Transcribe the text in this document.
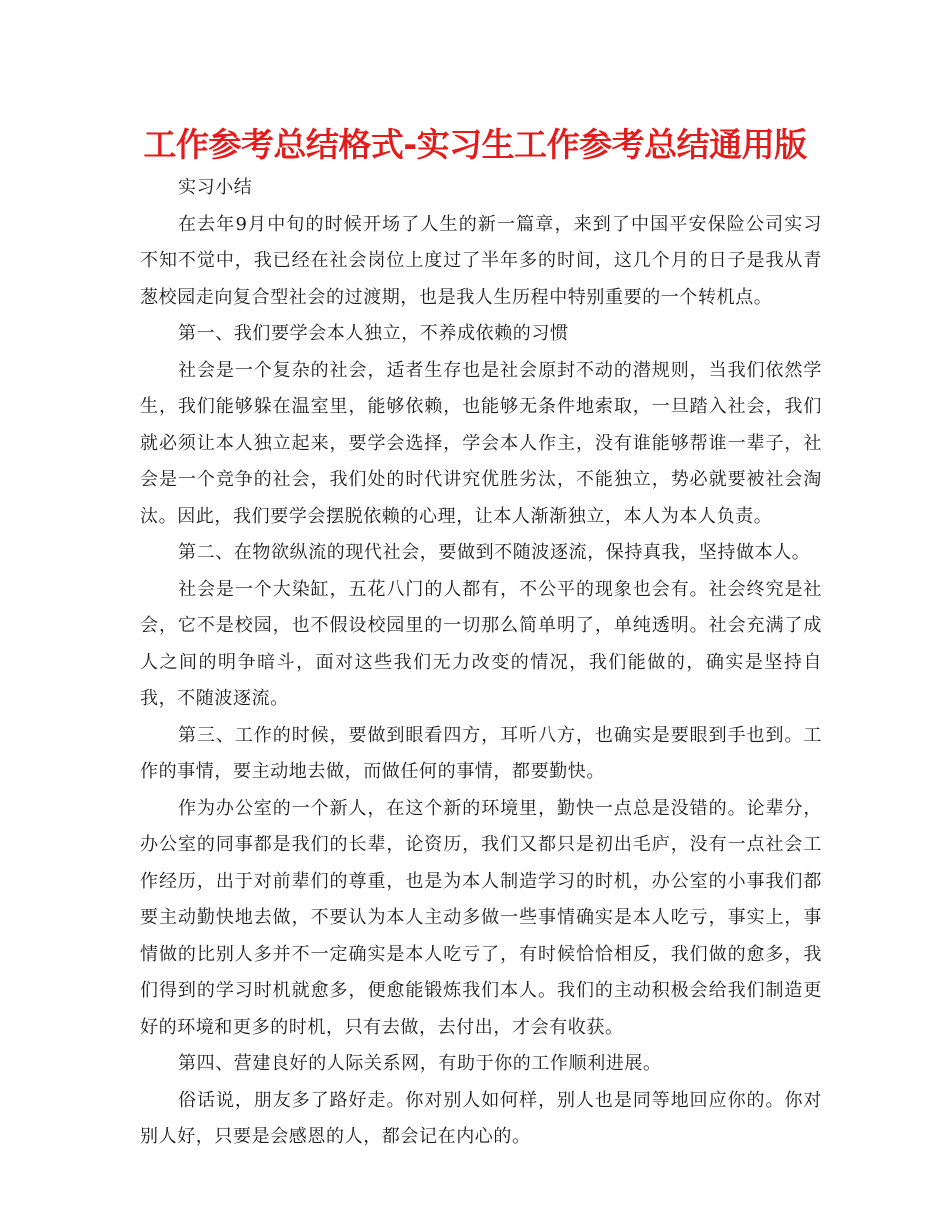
工作参考总结格式-实习生工作参考总结通用版

实习小结

在去年9月中旬的时候开场了人生的新一篇章，来到了中国平安保险公司实习不知不觉中，我已经在社会岗位上度过了半年多的时间，这几个月的日子是我从青葱校园走向复合型社会的过渡期，也是我人生历程中特别重要的一个转机点。

第一、我们要学会本人独立，不养成依赖的习惯

社会是一个复杂的社会，适者生存也是社会原封不动的潜规则，当我们依然学生，我们能够躲在温室里，能够依赖，也能够无条件地索取，一旦踏入社会，我们就必须让本人独立起来，要学会选择，学会本人作主，没有谁能够帮谁一辈子，社会是一个竞争的社会，我们处的时代讲究优胜劣汰，不能独立，势必就要被社会淘汰。因此，我们要学会摆脱依赖的心理，让本人渐渐独立，本人为本人负责。

第二、在物欲纵流的现代社会，要做到不随波逐流，保持真我，坚持做本人。

社会是一个大染缸，五花八门的人都有，不公平的现象也会有。社会终究是社会，它不是校园，也不假设校园里的一切那么简单明了，单纯透明。社会充满了成人之间的明争暗斗，面对这些我们无力改变的情况，我们能做的，确实是坚持自我，不随波逐流。

第三、工作的时候，要做到眼看四方，耳听八方，也确实是要眼到手也到。工作的事情，要主动地去做，而做任何的事情，都要勤快。

作为办公室的一个新人，在这个新的环境里，勤快一点总是没错的。论辈分，办公室的同事都是我们的长辈，论资历，我们又都只是初出毛庐，没有一点社会工作经历，出于对前辈们的尊重，也是为本人制造学习的时机，办公室的小事我们都要主动勤快地去做，不要认为本人主动多做一些事情确实是本人吃亏，事实上，事情做的比别人多并不一定确实是本人吃亏了，有时候恰恰相反，我们做的愈多，我们得到的学习时机就愈多，便愈能锻炼我们本人。我们的主动积极会给我们制造更好的环境和更多的时机，只有去做，去付出，才会有收获。

第四、营建良好的人际关系网，有助于你的工作顺利进展。

俗话说，朋友多了路好走。你对别人如何样，别人也是同等地回应你的。你对别人好，只要是会感恩的人，都会记在内心的。
